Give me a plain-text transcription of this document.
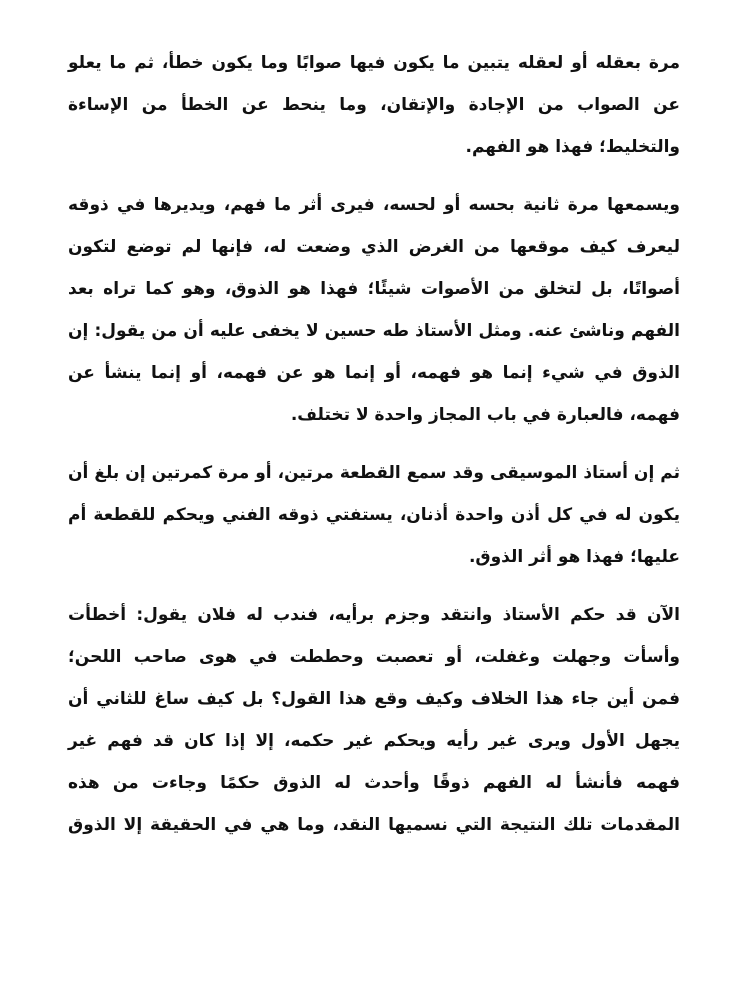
مرة بعقله أو لعقله يتبين ما يكون فيها صوابًا وما يكون خطأ، ثم ما يعلو
عن الصواب من الإجادة والإتقان، وما ينحط عن الخطأ من الإساءة
والتخليط؛ فهذا هو الفهم.
ويسمعها مرة ثانية بحسه أو لحسه، فيرى أثر ما فهم، ويديرها في ذوقه
ليعرف كيف موقعها من الغرض الذي وضعت له، فإنها لم توضع لتكون
أصواتًا، بل لتخلق من الأصوات شيئًا؛ فهذا هو الذوق، وهو كما تراه بعد
الفهم وناشئ عنه. ومثل الأستاذ طه حسين لا يخفى عليه أن من يقول: إن
الذوق في شيء إنما هو فهمه، أو إنما هو عن فهمه، أو إنما ينشأ عن
فهمه، فالعبارة في باب المجاز واحدة لا تختلف.
ثم إن أستاذ الموسيقى وقد سمع القطعة مرتين، أو مرة كمرتين إن بلغ أن
يكون له في كل أذن واحدة أذنان، يستفتي ذوقه الفني ويحكم للقطعة أم
عليها؛ فهذا هو أثر الذوق.
الآن قد حكم الأستاذ وانتقد وجزم برأيه، فندب له فلان يقول: أخطأت
وأسأت وجهلت وغفلت، أو تعصبت وحططت في هوى صاحب اللحن؛
فمن أين جاء هذا الخلاف وكيف وقع هذا القول؟ بل كيف ساغ للثاني أن
يجهل الأول ويرى غير رأيه ويحكم غير حكمه، إلا إذا كان قد فهم غير
فهمه فأنشأ له الفهم ذوقًا وأحدث له الذوق حكمًا وجاءت من هذه
المقدمات تلك النتيجة التي نسميها النقد، وما هي في الحقيقة إلا الذوق
